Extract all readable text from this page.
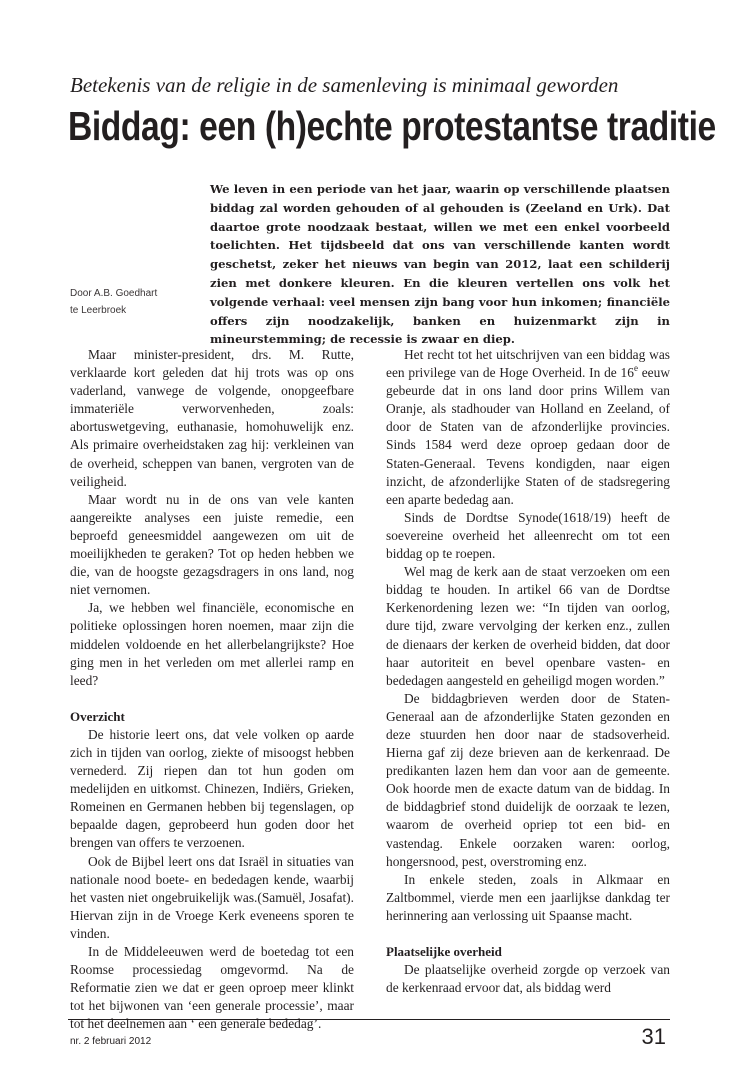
Betekenis van de religie in de samenleving is minimaal geworden
Biddag: een (h)echte protestantse traditie

We leven in een periode van het jaar, waarin op verschillende plaatsen biddag zal worden gehouden of al gehouden is (Zeeland en Urk). Dat daartoe grote noodzaak bestaat, willen we met een enkel voorbeeld toelichten. Het tijdsbeeld dat ons van verschillende kanten wordt geschetst, zeker het nieuws van begin van 2012, laat een schilderij zien met donkere kleuren. En die kleuren vertellen ons volk het volgende verhaal: veel mensen zijn bang voor hun inkomen; financiële offers zijn noodzakelijk, banken en huizenmarkt zijn in mineurstemming; de recessie is zwaar en diep.

Door A.B. Goedhart
te Leerbroek

Maar minister-president, drs. M. Rutte, verklaarde kort geleden dat hij trots was op ons vaderland, vanwege de volgende, onopgeefbare immateriële verworvenheden, zoals: abortuswetgeving, euthanasie, homohuwelijk enz. Als primaire overheidstaken zag hij: verkleinen van de overheid, scheppen van banen, vergroten van de veiligheid.

Maar wordt nu in de ons van vele kanten aangereikte analyses een juiste remedie, een beproefd geneesmiddel aangewezen om uit de moeilijkheden te geraken? Tot op heden hebben we die, van de hoogste gezagsdragers in ons land, nog niet vernomen.

Ja, we hebben wel financiële, economische en politieke oplossingen horen noemen, maar zijn die middelen voldoende en het allerbelangrijkste? Hoe ging men in het verleden om met allerlei ramp en leed?

Overzicht

De historie leert ons, dat vele volken op aarde zich in tijden van oorlog, ziekte of misoogst hebben vernederd. Zij riepen dan tot hun goden om medelijden en uitkomst. Chinezen, Indiërs, Grieken, Romeinen en Germanen hebben bij tegenslagen, op bepaalde dagen, geprobeerd hun goden door het brengen van offers te verzoenen.

Ook de Bijbel leert ons dat Israël in situaties van nationale nood boete- en bededagen kende, waarbij het vasten niet ongebruikelijk was.(Samuël, Josafat). Hiervan zijn in de Vroege Kerk eveneens sporen te vinden.

In de Middeleeuwen werd de boetedag tot een Roomse processiedag omgevormd. Na de Reformatie zien we dat er geen oproep meer klinkt tot het bijwonen van ‘een generale processie’, maar tot het deelnemen aan ‘ een generale bededag’.

Het recht tot het uitschrijven van een biddag was een privilege van de Hoge Overheid. In de 16e eeuw gebeurde dat in ons land door prins Willem van Oranje, als stadhouder van Holland en Zeeland, of door de Staten van de afzonderlijke provincies. Sinds 1584 werd deze oproep gedaan door de Staten-Generaal. Tevens kondigden, naar eigen inzicht, de afzonderlijke Staten of de stadsregering een aparte bededag aan.

Sinds de Dordtse Synode(1618/19) heeft de soevereine overheid het alleenrecht om tot een biddag op te roepen.

Wel mag de kerk aan de staat verzoeken om een biddag te houden. In artikel 66 van de Dordtse Kerkenordening lezen we: “In tijden van oorlog, dure tijd, zware vervolging der kerken enz., zullen de dienaars der kerken de overheid bidden, dat door haar autoriteit en bevel openbare vasten- en bededagen aangesteld en geheiligd mogen worden.”

De biddagbrieven werden door de Staten-Generaal aan de afzonderlijke Staten gezonden en deze stuurden hen door naar de stadsoverheid. Hierna gaf zij deze brieven aan de kerkenraad. De predikanten lazen hem dan voor aan de gemeente. Ook hoorde men de exacte datum van de biddag. In de biddagbrief stond duidelijk de oorzaak te lezen, waarom de overheid opriep tot een bid- en vastendag. Enkele oorzaken waren: oorlog, hongersnood, pest, overstroming enz.

In enkele steden, zoals in Alkmaar en Zaltbommel, vierde men een jaarlijkse dankdag ter herinnering aan verlossing uit Spaanse macht.

Plaatselijke overheid

De plaatselijke overheid zorgde op verzoek van de kerkenraad ervoor dat, als biddag werd

nr. 2 februari 2012	31
